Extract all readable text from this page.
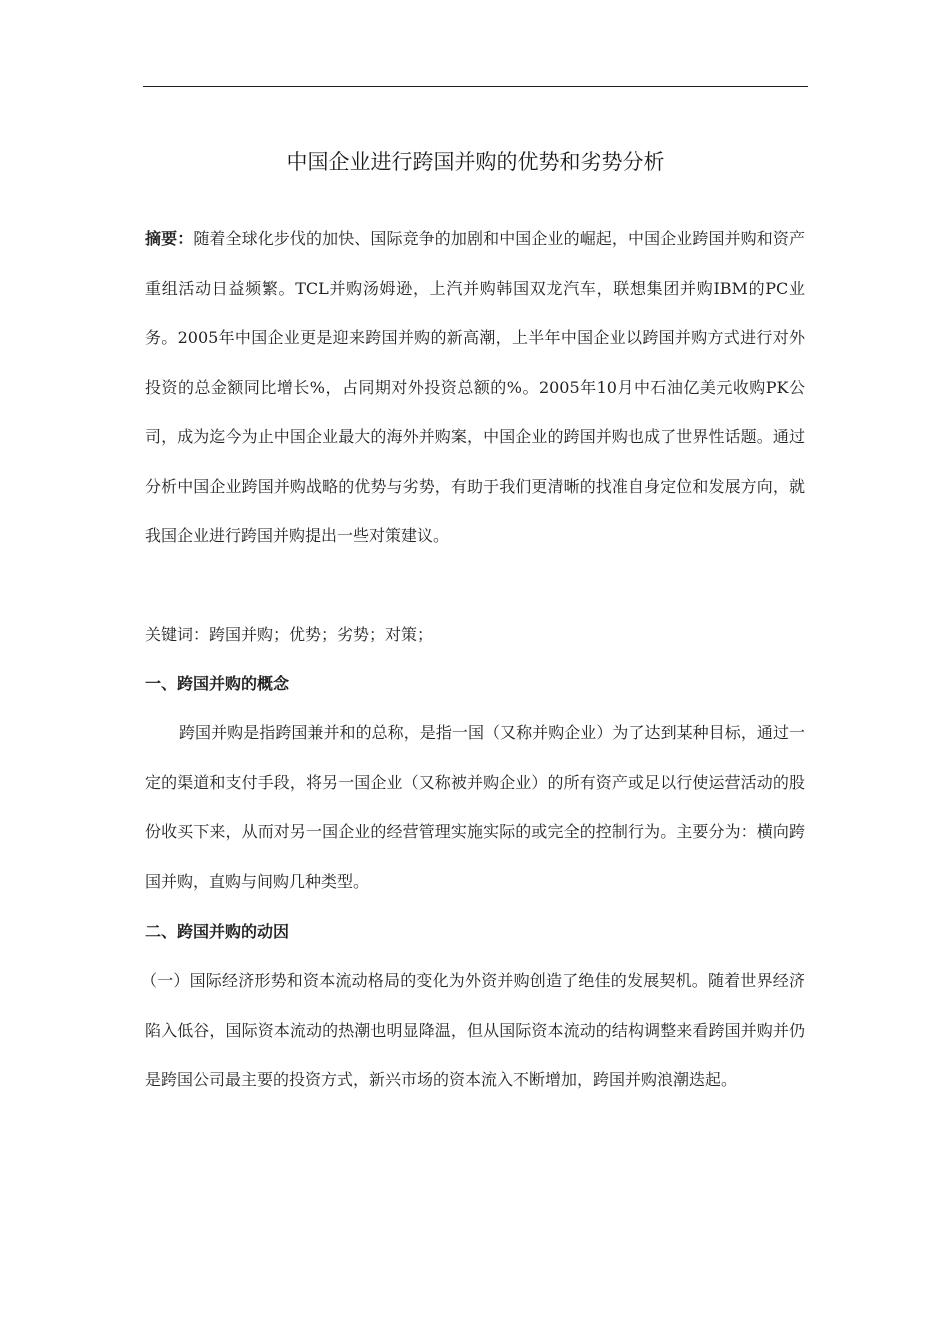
中国企业进行跨国并购的优势和劣势分析

摘要：随着全球化步伐的加快、国际竞争的加剧和中国企业的崛起，中国企业跨国并购和资产重组活动日益频繁。TCL并购汤姆逊，上汽并购韩国双龙汽车，联想集团并购IBM的PC业务。2005年中国企业更是迎来跨国并购的新高潮，上半年中国企业以跨国并购方式进行对外投资的总金额同比增长%，占同期对外投资总额的%。2005年10月中石油亿美元收购PK公司，成为迄今为止中国企业最大的海外并购案，中国企业的跨国并购也成了世界性话题。通过分析中国企业跨国并购战略的优势与劣势，有助于我们更清晰的找准自身定位和发展方向，就我国企业进行跨国并购提出一些对策建议。

关键词：跨国并购；优势；劣势；对策；

一、跨国并购的概念

跨国并购是指跨国兼并和的总称，是指一国（又称并购企业）为了达到某种目标，通过一定的渠道和支付手段，将另一国企业（又称被并购企业）的所有资产或足以行使运营活动的股份收买下来，从而对另一国企业的经营管理实施实际的或完全的控制行为。主要分为：横向跨国并购，直购与间购几种类型。

二、跨国并购的动因

（一）国际经济形势和资本流动格局的变化为外资并购创造了绝佳的发展契机。随着世界经济陷入低谷，国际资本流动的热潮也明显降温，但从国际资本流动的结构调整来看跨国并购并仍是跨国公司最主要的投资方式，新兴市场的资本流入不断增加，跨国并购浪潮迭起。
